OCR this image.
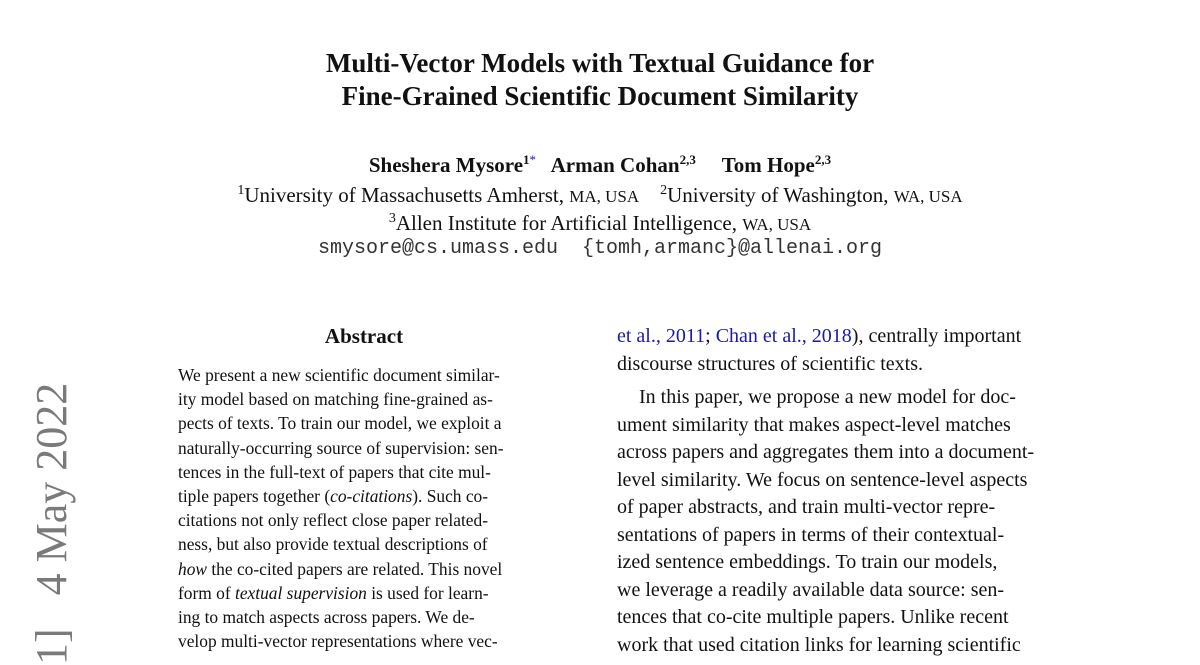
Multi-Vector Models with Textual Guidance for
Fine-Grained Scientific Document Similarity
Sheshera Mysore$^{1*}$ Arman Cohan$^{2,3}$ Tom Hope$^{2,3}$
$^1$University of Massachusetts Amherst, MA, USA $^2$University of Washington, WA, USA
$^3$Allen Institute for Artificial Intelligence, WA, USA
smysore@cs.umass.edu {tomh,armanc}@allenai.org
Abstract
We present a new scientific document similar-
ity model based on matching fine-grained as-
pects of texts. To train our model, we exploit a
naturally-occurring source of supervision: sen-
tences in the full-text of papers that cite mul-
tiple papers together (co-citations). Such co-
citations not only reflect close paper related-
ness, but also provide textual descriptions of
how the co-cited papers are related. This novel
form of textual supervision is used for learn-
ing to match aspects across papers. We de-
velop multi-vector representations where vec-

et al., 2011; Chan et al., 2018), centrally important
discourse structures of scientific texts.

In this paper, we propose a new model for doc-
ument similarity that makes aspect-level matches
across papers and aggregates them into a document-
level similarity. We focus on sentence-level aspects
of paper abstracts, and train multi-vector repre-
sentations of papers in terms of their contextual-
ized sentence embeddings. To train our models,
we leverage a readily available data source: sen-
tences that co-cite multiple papers. Unlike recent
work that used citation links for learning scientific

1]   4 May 2022
